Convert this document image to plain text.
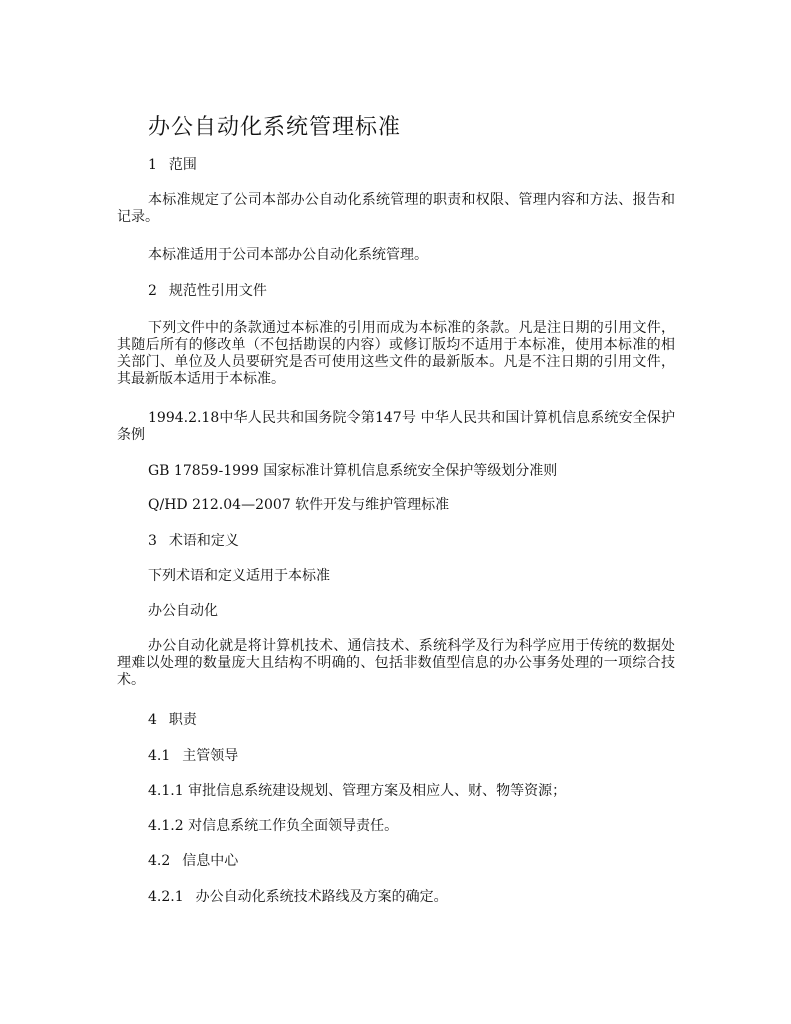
办公自动化系统管理标准
1 范围
本标准规定了公司本部办公自动化系统管理的职责和权限、管理内容和方法、报告和记录。
本标准适用于公司本部办公自动化系统管理。
2 规范性引用文件
下列文件中的条款通过本标准的引用而成为本标准的条款。凡是注日期的引用文件，其随后所有的修改单（不包括勘误的内容）或修订版均不适用于本标准，使用本标准的相关部门、单位及人员要研究是否可使用这些文件的最新版本。凡是不注日期的引用文件，其最新版本适用于本标准。
1994.2.18中华人民共和国务院令第147号 中华人民共和国计算机信息系统安全保护条例
GB 17859-1999 国家标准计算机信息系统安全保护等级划分准则
Q/HD 212.04—2007 软件开发与维护管理标准
3 术语和定义
下列术语和定义适用于本标准
办公自动化
办公自动化就是将计算机技术、通信技术、系统科学及行为科学应用于传统的数据处理难以处理的数量庞大且结构不明确的、包括非数值型信息的办公事务处理的一项综合技术。
4 职责
4.1 主管领导
4.1.1 审批信息系统建设规划、管理方案及相应人、财、物等资源；
4.1.2 对信息系统工作负全面领导责任。
4.2 信息中心
4.2.1 办公自动化系统技术路线及方案的确定。
